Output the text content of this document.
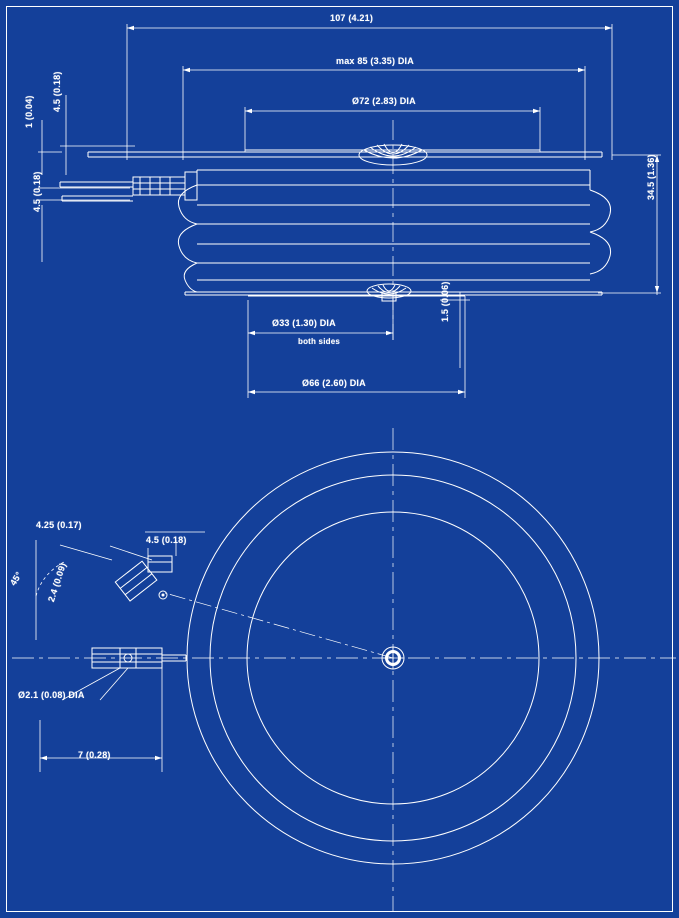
107 (4.21)
max 85 (3.35) DIA
Ø72 (2.83) DIA
1 (0.04) 4.5 (0.18)
4.5 (0.18)	34.5 (1.36)
Ø33 (1.30) DIA
both sides
1.5 (0.06)
Ø66 (2.60) DIA
4.25 (0.17)
4.5 (0.18)
45° 2.4 (0.09)
Ø2.1 (0.08) DIA
7 (0.28)
